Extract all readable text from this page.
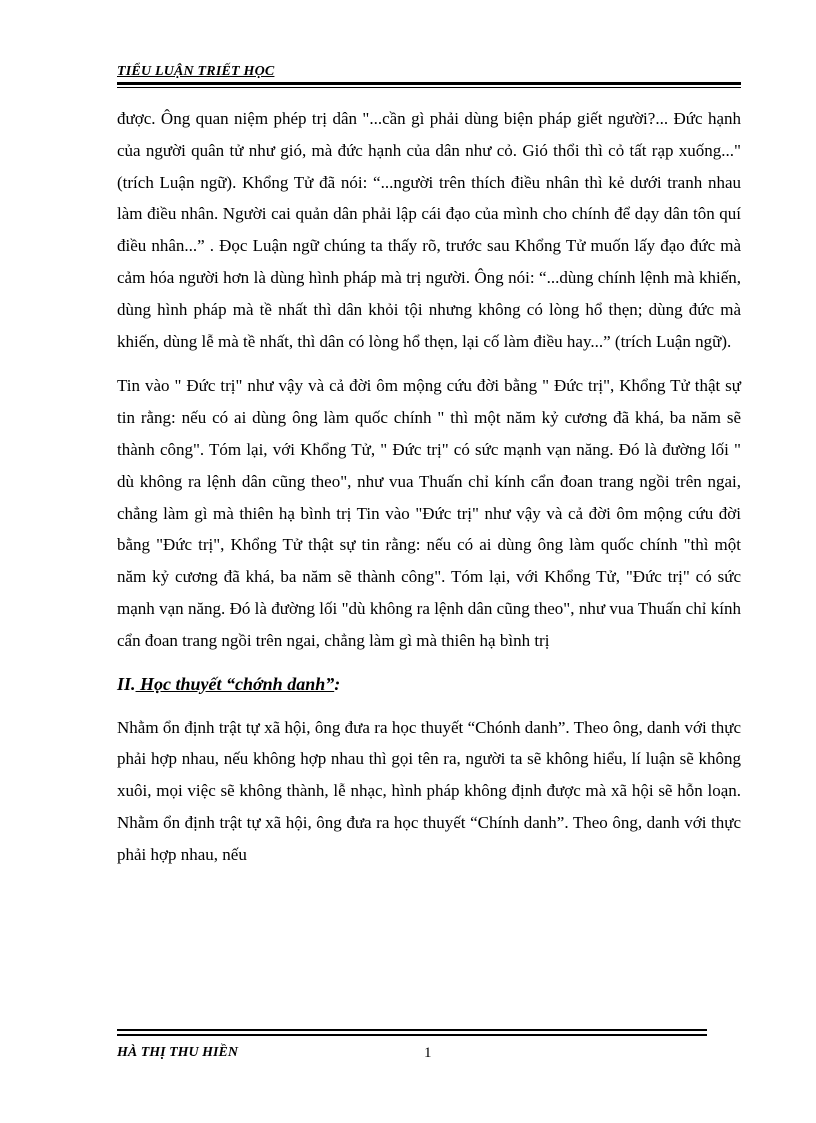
TIỂU LUẬN TRIẾT HỌC

được. Ông quan niệm phép trị dân "...cần gì phải dùng biện pháp giết người?... Đức hạnh của người quân tử như gió, mà đức hạnh của dân như cỏ. Gió thổi thì cỏ tất rạp xuống..." (trích Luận ngữ). Khổng Tử đã nói: “...người trên thích điều nhân thì kẻ dưới tranh nhau làm điều nhân. Người cai quản dân phải lập cái đạo của mình cho chính để dạy dân tôn quí điều nhân...” . Đọc Luận ngữ chúng ta thấy rõ, trước sau Khổng Tử muốn lấy đạo đức mà cảm hóa người hơn là dùng hình pháp mà trị người. Ông nói: “...dùng chính lệnh mà khiến, dùng hình pháp mà tề nhất thì dân khỏi tội nhưng không có lòng hổ thẹn; dùng đức mà khiến, dùng lễ mà tề nhất, thì dân có lòng hổ thẹn, lại cố làm điều hay...” (trích Luận ngữ).

Tin vào " Đức trị" như vậy và cả đời ôm mộng cứu đời bằng " Đức trị", Khổng Tử thật sự tin rằng: nếu có ai dùng ông làm quốc chính " thì một năm kỷ cương đã khá, ba năm sẽ thành công". Tóm lại, với Khổng Tử, " Đức trị" có sức mạnh vạn năng. Đó là đường lối " dù không ra lệnh dân cũng theo", như vua Thuấn chỉ kính cẩn đoan trang ngồi trên ngai, chẳng làm gì mà thiên hạ bình trị Tin vào "Đức trị" như vậy và cả đời ôm mộng cứu đời bằng "Đức trị", Khổng Tử thật sự tin rằng: nếu có ai dùng ông làm quốc chính "thì một năm kỷ cương đã khá, ba năm sẽ thành công". Tóm lại, với Khổng Tử, "Đức trị" có sức mạnh vạn năng. Đó là đường lối "dù không ra lệnh dân cũng theo", như vua Thuấn chỉ kính cẩn đoan trang ngồi trên ngai, chẳng làm gì mà thiên hạ bình trị

II. Học thuyết “chớnh danh”:

Nhằm ổn định trật tự xã hội, ông đưa ra học thuyết “Chónh danh”. Theo ông, danh với thực phải hợp nhau, nếu không hợp nhau thì gọi tên ra, người ta sẽ không hiểu, lí luận sẽ không xuôi, mọi việc sẽ không thành, lễ nhạc, hình pháp không định được mà xã hội sẽ hỗn loạn. Nhằm ổn định trật tự xã hội, ông đưa ra học thuyết “Chính danh”. Theo ông, danh với thực phải hợp nhau, nếu

HÀ THỊ THU HIỀN	1
